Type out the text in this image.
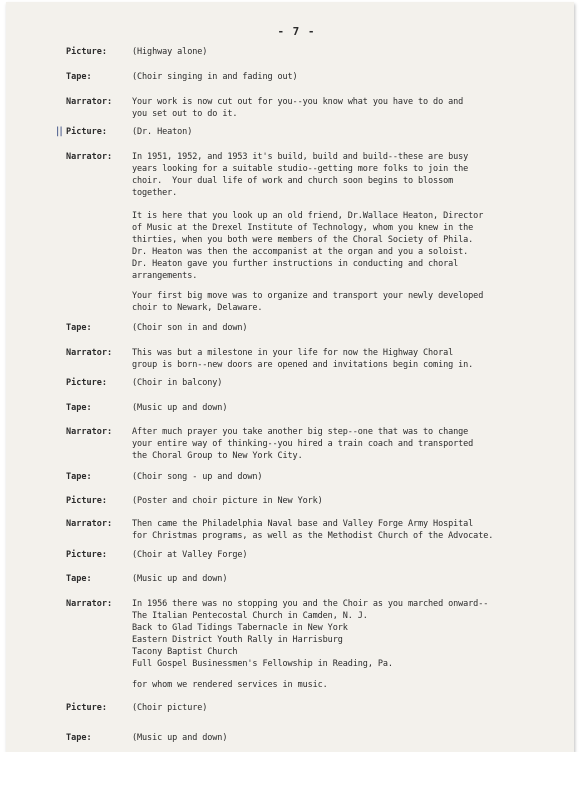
- 7 -
Picture:	(Highway alone)
Tape:	(Choir singing in and fading out)
Narrator: Your work is now cut out for you--you know what you have to do and
you set out to do it.
|| Picture:	(Dr. Heaton)
Narrator: In 1951, 1952, and 1953 it's build, build and build--these are busy
years looking for a suitable studio--getting more folks to join the
choir.  Your dual life of work and church soon begins to blossom
together.
It is here that you look up an old friend, Dr.Wallace Heaton, Director
of Music at the Drexel Institute of Technology, whom you knew in the
thirties, when you both were members of the Choral Society of Phila.
Dr. Heaton was then the accompanist at the organ and you a soloist.
Dr. Heaton gave you further instructions in conducting and choral
arrangements.
Your first big move was to organize and transport your newly developed
choir to Newark, Delaware.
Tape:	(Choir son in and down)
Narrator: This was but a milestone in your life for now the Highway Choral
group is born--new doors are opened and invitations begin coming in.
Picture:	(Choir in balcony)
Tape:	(Music up and down)
Narrator: After much prayer you take another big step--one that was to change
your entire way of thinking--you hired a train coach and transported
the Choral Group to New York City.
Tape:	(Choir song - up and down)
Picture:	(Poster and choir picture in New York)
Narrator: Then came the Philadelphia Naval base and Valley Forge Army Hospital
for Christmas programs, as well as the Methodist Church of the Advocate.
Picture:	(Choir at Valley Forge)
Tape:	(Music up and down)
Narrator: In 1956 there was no stopping you and the Choir as you marched onward--
The Italian Pentecostal Church in Camden, N. J.
Back to Glad Tidings Tabernacle in New York
Eastern District Youth Rally in Harrisburg
Tacony Baptist Church
Full Gospel Businessmen's Fellowship in Reading, Pa.
for whom we rendered services in music.
Picture:	(Choir picture)
Tape:	(Music up and down)
